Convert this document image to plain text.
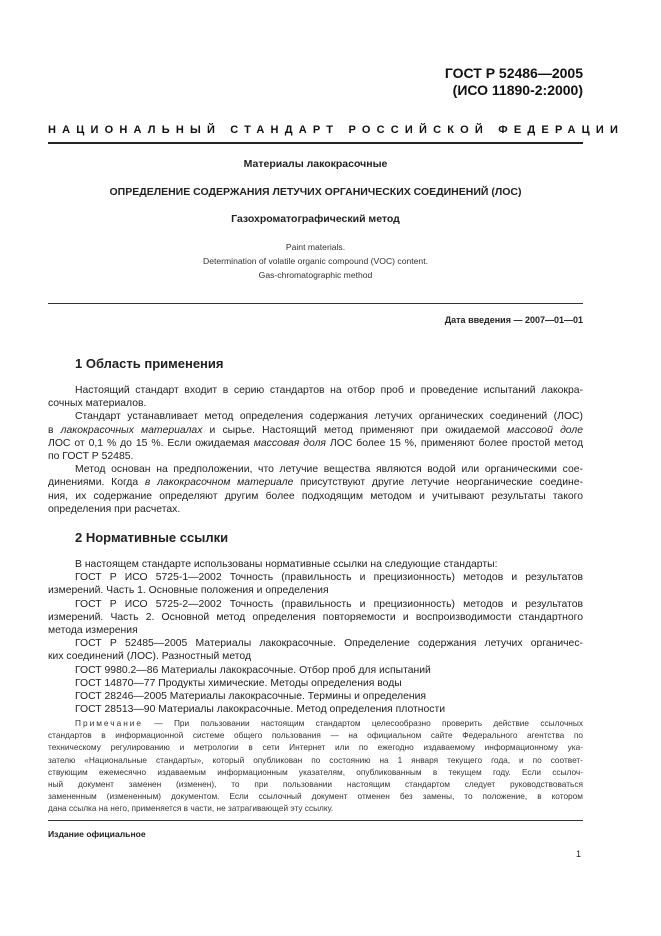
ГОСТ Р 52486—2005
(ИСО 11890-2:2000)
НАЦИОНАЛЬНЫЙ СТАНДАРТ РОССИЙСКОЙ ФЕДЕРАЦИИ
Материалы лакокрасочные
ОПРЕДЕЛЕНИЕ СОДЕРЖАНИЯ ЛЕТУЧИХ ОРГАНИЧЕСКИХ СОЕДИНЕНИЙ (ЛОС)
Газохроматографический метод
Paint materials.
Determination of volatile organic compound (VOC) content.
Gas-chromatographic method
Дата введения — 2007—01—01
1 Область применения
Настоящий стандарт входит в серию стандартов на отбор проб и проведение испытаний лакокра-
сочных материалов.
Стандарт устанавливает метод определения содержания летучих органических соединений (ЛОС)
в лакокрасочных материалах и сырье. Настоящий метод применяют при ожидаемой массовой доле
ЛОС от 0,1 % до 15 %. Если ожидаемая массовая доля ЛОС более 15 %, применяют более простой метод
по ГОСТ Р 52485.
Метод основан на предположении, что летучие вещества являются водой или органическими сое-
динениями. Когда в лакокрасочном материале присутствуют другие летучие неорганические соедине-
ния, их содержание определяют другим более подходящим методом и учитывают результаты такого
определения при расчетах.
2 Нормативные ссылки
В настоящем стандарте использованы нормативные ссылки на следующие стандарты:
ГОСТ Р ИСО 5725-1—2002 Точность (правильность и прецизионность) методов и результатов
измерений. Часть 1. Основные положения и определения
ГОСТ Р ИСО 5725-2—2002 Точность (правильность и прецизионность) методов и результатов
измерений. Часть 2. Основной метод определения повторяемости и воспроизводимости стандартного
метода измерения
ГОСТ Р 52485—2005 Материалы лакокрасочные. Определение содержания летучих органичес-
ких соединений (ЛОС). Разностный метод
ГОСТ 9980.2—86 Материалы лакокрасочные. Отбор проб для испытаний
ГОСТ 14870—77 Продукты химические. Методы определения воды
ГОСТ 28246—2005 Материалы лакокрасочные. Термины и определения
ГОСТ 28513—90 Материалы лакокрасочные. Метод определения плотности
Примечание — При пользовании настоящим стандартом целесообразно проверить действие ссылочных
стандартов в информационной системе общего пользования — на официальном сайте Федерального агентства по
техническому регулированию и метрологии в сети Интернет или по ежегодно издаваемому информационному ука-
зателю «Национальные стандарты», который опубликован по состоянию на 1 января текущего года, и по соответ-
ствующим ежемесячно издаваемым информационным указателям, опубликованным в текущем году. Если ссылоч-
ный документ заменен (изменен), то при пользовании настоящим стандартом следует руководствоваться
замененным (измененным) документом. Если ссылочный документ отменен без замены, то положение, в котором
дана ссылка на него, применяется в части, не затрагивающей эту ссылку.
Издание официальное
1
